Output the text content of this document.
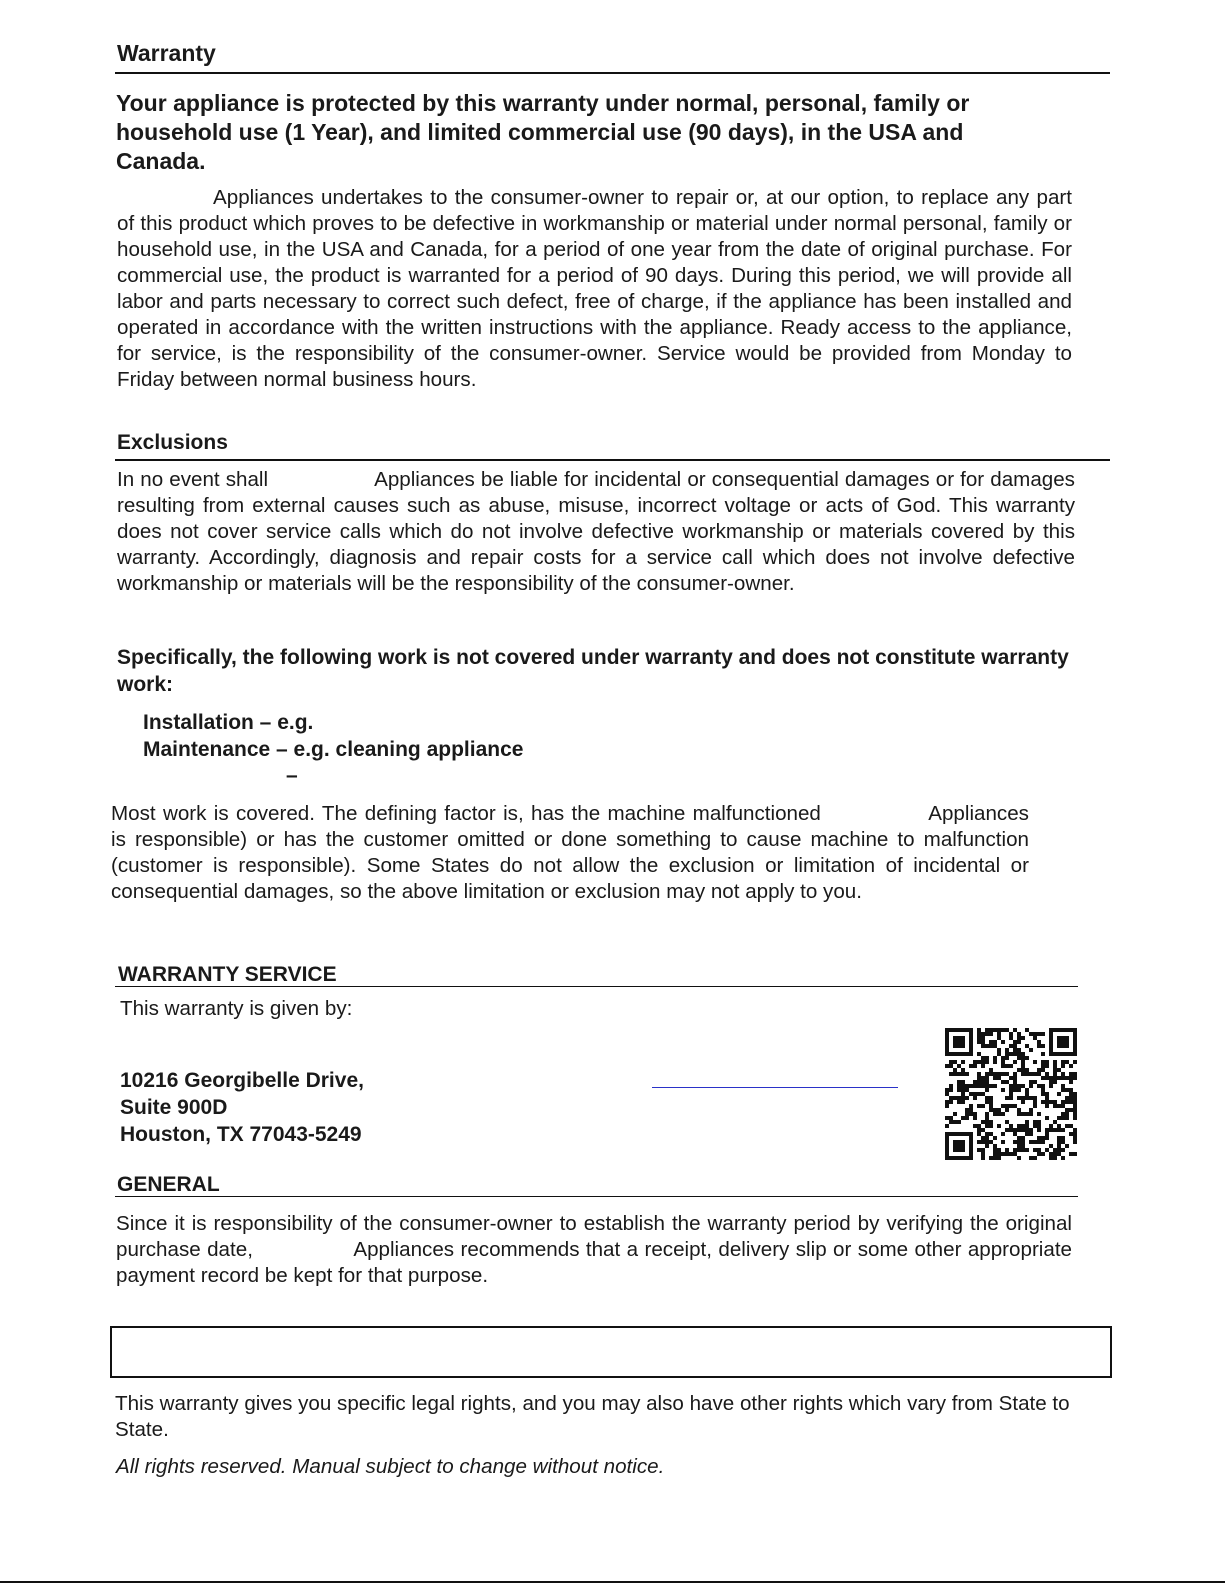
Warranty
Your appliance is protected by this warranty under normal, personal, family or household use (1 Year), and limited commercial use (90 days), in the USA and Canada.
Appliances undertakes to the consumer-owner to repair or, at our option, to replace any part of this product which proves to be defective in workmanship or material under normal personal, family or household use, in the USA and Canada, for a period of one year from the date of original purchase. For commercial use, the product is warranted for a period of 90 days. During this period, we will provide all labor and parts necessary to correct such defect, free of charge, if the appliance has been installed and operated in accordance with the written instructions with the appliance. Ready access to the appliance, for service, is the responsibility of the consumer-owner. Service would be provided from Monday to Friday between normal business hours.
Exclusions
In no event shall	Appliances be liable for incidental or consequential damages or for damages resulting from external causes such as abuse, misuse, incorrect voltage or acts of God. This warranty does not cover service calls which do not involve defective workmanship or materials covered by this warranty. Accordingly, diagnosis and repair costs for a service call which does not involve defective workmanship or materials will be the responsibility of the consumer-owner.
Specifically, the following work is not covered under warranty and does not constitute warranty work:
Installation – e.g.
Maintenance – e.g. cleaning appliance
–
Most work is covered. The defining factor is, has the machine malfunctioned	Appliances is responsible) or has the customer omitted or done something to cause machine to malfunction (customer is responsible). Some States do not allow the exclusion or limitation of incidental or consequential damages, so the above limitation or exclusion may not apply to you.
WARRANTY SERVICE
This warranty is given by:
10216 Georgibelle Drive,
Suite 900D
Houston, TX 77043-5249
GENERAL
Since it is responsibility of the consumer-owner to establish the warranty period by verifying the original purchase date,	Appliances recommends that a receipt, delivery slip or some other appropriate payment record be kept for that purpose.
This warranty gives you specific legal rights, and you may also have other rights which vary from State to State.
All rights reserved. Manual subject to change without notice.
